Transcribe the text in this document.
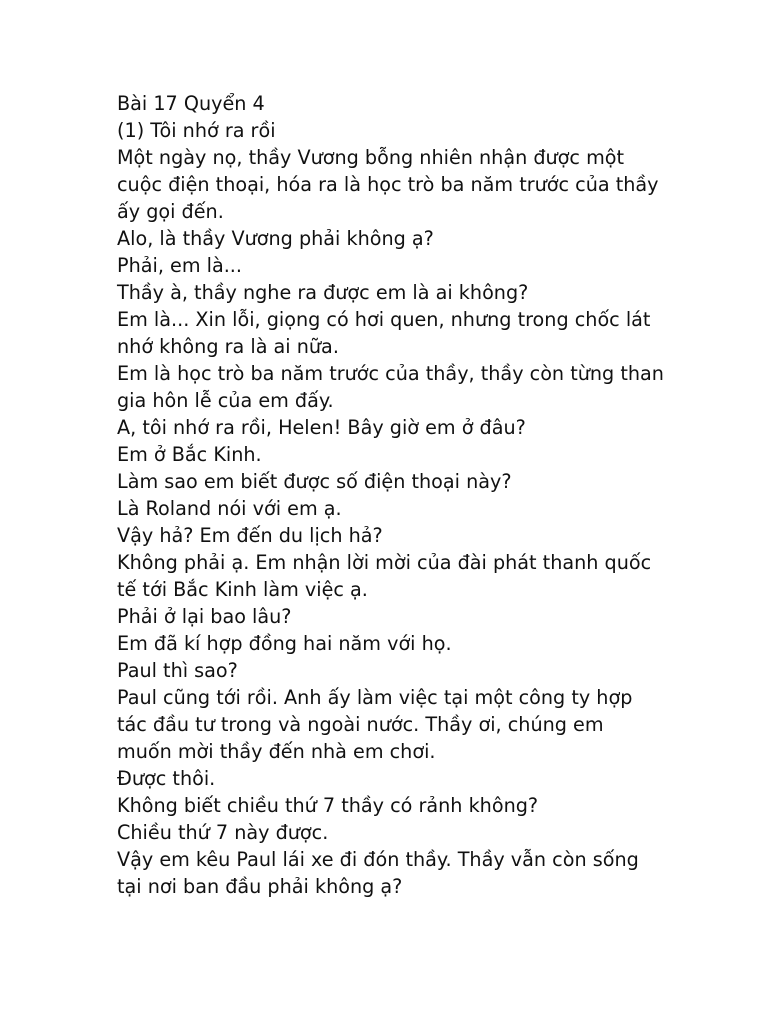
Bài 17 Quyển 4
(1) Tôi nhớ ra rồi
Một ngày nọ, thầy Vương bỗng nhiên nhận được một
cuộc điện thoại, hóa ra là học trò ba năm trước của thầy
ấy gọi đến.
Alo, là thầy Vương phải không ạ?
Phải, em là...
Thầy à, thầy nghe ra được em là ai không?
Em là... Xin lỗi, giọng có hơi quen, nhưng trong chốc lát
nhớ không ra là ai nữa.
Em là học trò ba năm trước của thầy, thầy còn từng than
gia hôn lễ của em đấy.
A, tôi nhớ ra rồi, Helen! Bây giờ em ở đâu?
Em ở Bắc Kinh.
Làm sao em biết được số điện thoại này?
Là Roland nói với em ạ.
Vậy hả? Em đến du lịch hả?
Không phải ạ. Em nhận lời mời của đài phát thanh quốc
tế tới Bắc Kinh làm việc ạ.
Phải ở lại bao lâu?
Em đã kí hợp đồng hai năm với họ.
Paul thì sao?
Paul cũng tới rồi. Anh ấy làm việc tại một công ty hợp
tác đầu tư trong và ngoài nước. Thầy ơi, chúng em
muốn mời thầy đến nhà em chơi.
Được thôi.
Không biết chiều thứ 7 thầy có rảnh không?
Chiều thứ 7 này được.
Vậy em kêu Paul lái xe đi đón thầy. Thầy vẫn còn sống
tại nơi ban đầu phải không ạ?
